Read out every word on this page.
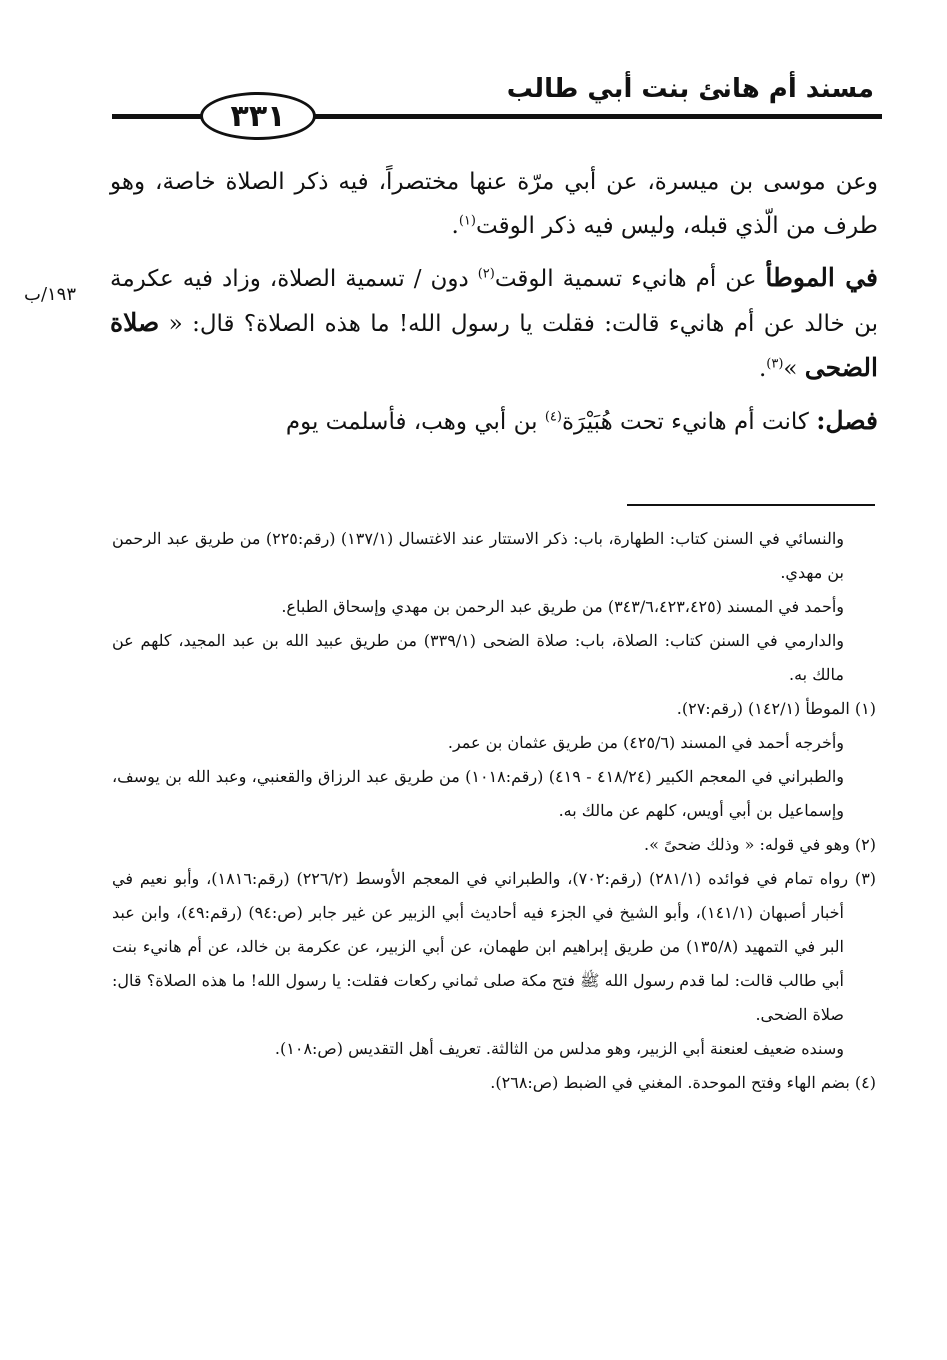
٣٣١
مسند أم هانئ بنت أبي طالب
١٩٣/ب

وعن موسى بن ميسرة، عن أبي مرّة عنها مختصراً، فيه ذكر الصلاة خاصة، وهو طرف من الّذي قبله، وليس فيه ذكر الوقت$^{(١)}$.

في الموطأ عن أم هانيء تسمية الوقت$^{(٢)}$ دون / تسمية الصلاة، وزاد فيه عكرمة بن خالد عن أم هانيء قالت: فقلت يا رسول الله! ما هذه الصلاة؟ قال: « صلاة الضحى »$^{(٣)}$.

فصل: كانت أم هانيء تحت هُبَيْرَة$^{(٤)}$ بن أبي وهب، فأسلمت يوم

والنسائي في السنن كتاب: الطهارة، باب: ذكر الاستتار عند الاغتسال (١٣٧/١) (رقم:٢٢٥) من طريق عبد الرحمن بن مهدي.
وأحمد في المسند (٣٤٣/٦،٤٢٣،٤٢٥) من طريق عبد الرحمن بن مهدي وإسحاق الطباع.
والدارمي في السنن كتاب: الصلاة، باب: صلاة الضحى (٣٣٩/١) من طريق عبيد الله بن عبد المجيد، كلهم عن مالك به.
(١) الموطأ (١٤٢/١) (رقم:٢٧).
وأخرجه أحمد في المسند (٤٢٥/٦) من طريق عثمان بن عمر.
والطبراني في المعجم الكبير (٤١٨/٢٤ - ٤١٩) (رقم:١٠١٨) من طريق عبد الرزاق والقعنبي، وعبد الله بن يوسف، وإسماعيل بن أبي أويس، كلهم عن مالك به.
(٢) وهو في قوله: « وذلك ضحىً ».
(٣) رواه تمام في فوائده (٢٨١/١) (رقم:٧٠٢)، والطبراني في المعجم الأوسط (٢٢٦/٢) (رقم:١٨١٦)، وأبو نعيم في أخبار أصبهان (١٤١/١)، وأبو الشيخ في الجزء فيه أحاديث أبي الزبير عن غير جابر (ص:٩٤) (رقم:٤٩)، وابن عبد البر في التمهيد (١٣٥/٨) من طريق إبراهيم ابن طهمان، عن أبي الزبير، عن عكرمة بن خالد، عن أم هانيء بنت أبي طالب قالت: لما قدم رسول الله ﷺ فتح مكة صلى ثماني ركعات فقلت: يا رسول الله! ما هذه الصلاة؟ قال: صلاة الضحى.
وسنده ضعيف لعنعنة أبي الزبير، وهو مدلس من الثالثة. تعريف أهل التقديس (ص:١٠٨).
(٤) بضم الهاء وفتح الموحدة. المغني في الضبط (ص:٢٦٨).
